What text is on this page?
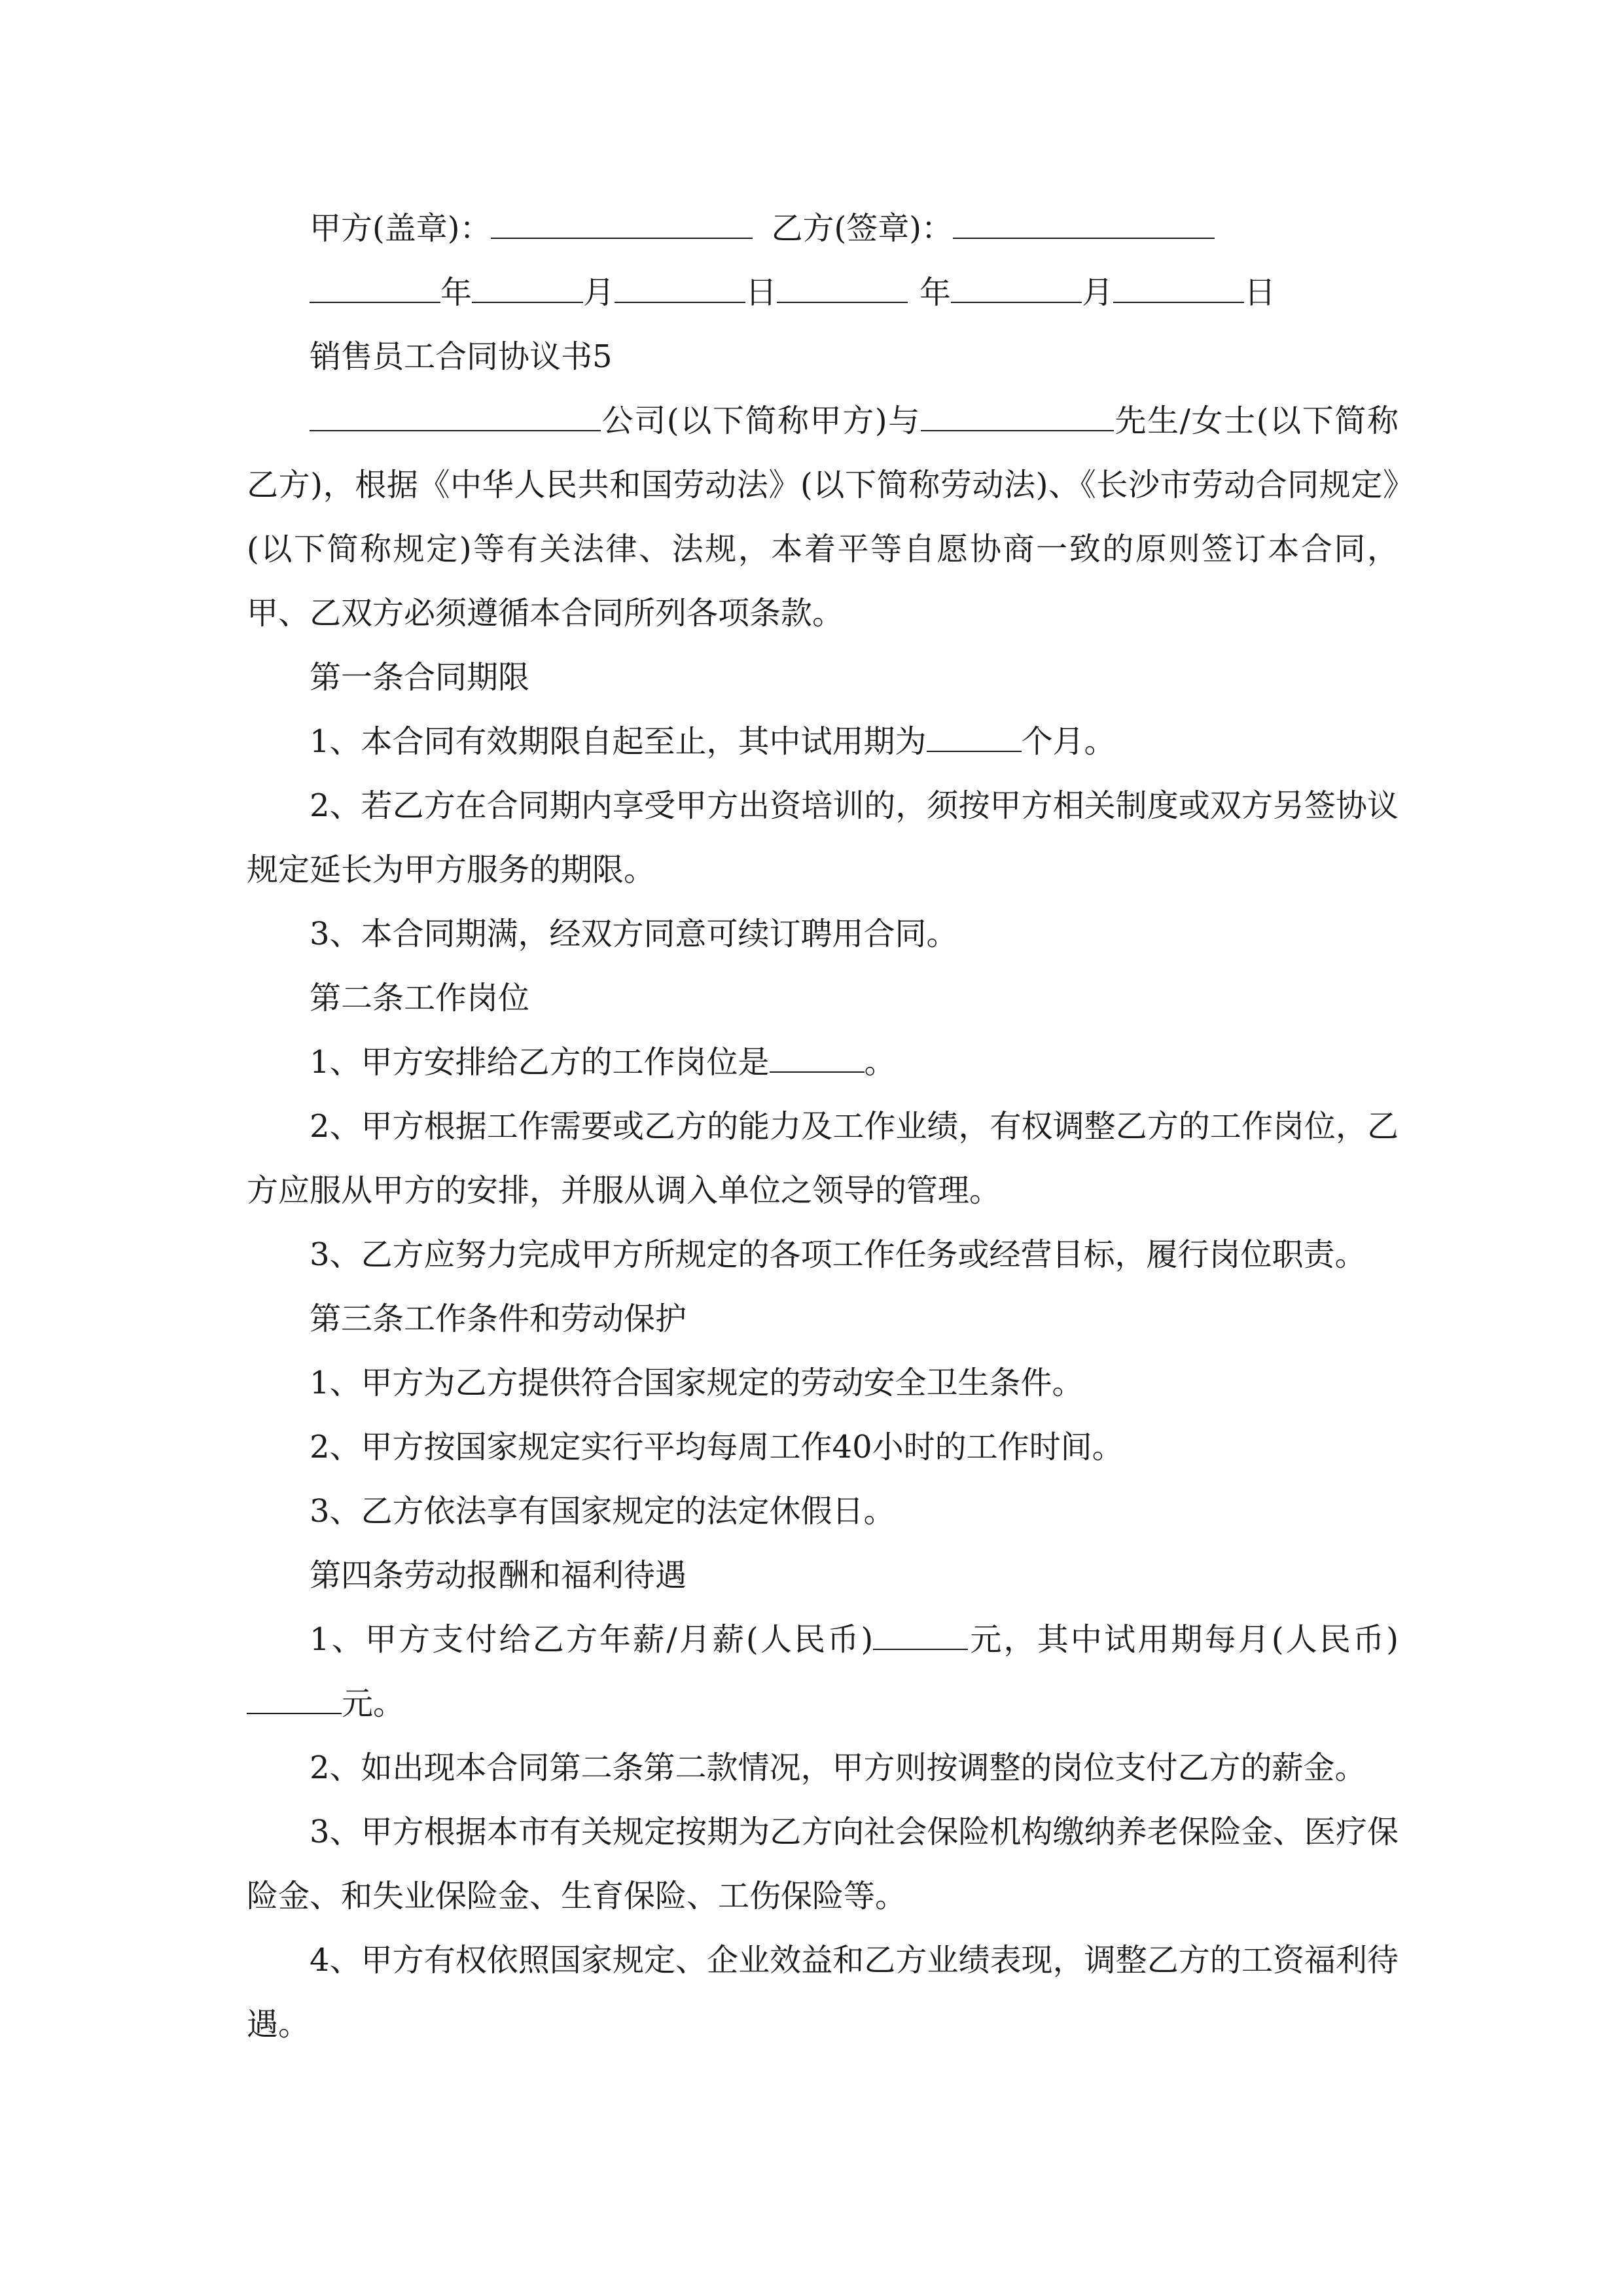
甲方(盖章)：	乙方(签章)：

年	月	日	年	月	日

销售员工合同协议书5

公司(以下简称甲方)与	先生/女士(以下简称乙方)，根据《中华人民共和国劳动法》(以下简称劳动法)、《长沙市劳动合同规定》(以下简称规定)等有关法律、法规，本着平等自愿协商一致的原则签订本合同，甲、乙双方必须遵循本合同所列各项条款。

第一条合同期限

1、本合同有效期限自起至止，其中试用期为	个月。

2、若乙方在合同期内享受甲方出资培训的，须按甲方相关制度或双方另签协议规定延长为甲方服务的期限。

3、本合同期满，经双方同意可续订聘用合同。

第二条工作岗位

1、甲方安排给乙方的工作岗位是	。

2、甲方根据工作需要或乙方的能力及工作业绩，有权调整乙方的工作岗位，乙方应服从甲方的安排，并服从调入单位之领导的管理。

3、乙方应努力完成甲方所规定的各项工作任务或经营目标，履行岗位职责。

第三条工作条件和劳动保护

1、甲方为乙方提供符合国家规定的劳动安全卫生条件。

2、甲方按国家规定实行平均每周工作40小时的工作时间。

3、乙方依法享有国家规定的法定休假日。

第四条劳动报酬和福利待遇

1、甲方支付给乙方年薪/月薪(人民币)	元，其中试用期每月(人民币)元。

2、如出现本合同第二条第二款情况，甲方则按调整的岗位支付乙方的薪金。

3、甲方根据本市有关规定按期为乙方向社会保险机构缴纳养老保险金、医疗保险金、和失业保险金、生育保险、工伤保险等。

4、甲方有权依照国家规定、企业效益和乙方业绩表现，调整乙方的工资福利待遇。
